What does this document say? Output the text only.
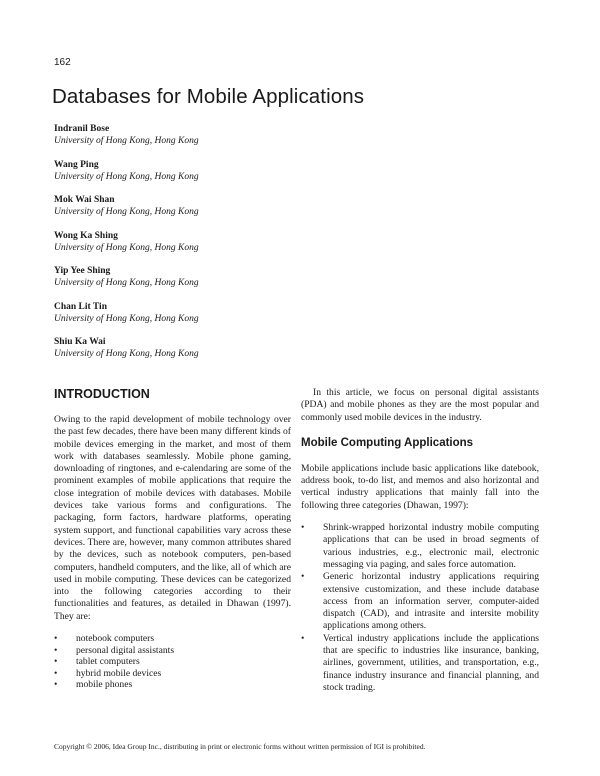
162
Databases for Mobile Applications
Indranil Bose
University of Hong Kong, Hong Kong
Wang Ping
University of Hong Kong, Hong Kong
Mok Wai Shan
University of Hong Kong, Hong Kong
Wong Ka Shing
University of Hong Kong, Hong Kong
Yip Yee Shing
University of Hong Kong, Hong Kong
Chan Lit Tin
University of Hong Kong, Hong Kong
Shiu Ka Wai
University of Hong Kong, Hong Kong
INTRODUCTION

Owing to the rapid development of mobile technology over the past few decades, there have been many different kinds of mobile devices emerging in the market, and most of them work with databases seamlessly. Mobile phone gaming, downloading of ringtones, and e-calendaring are some of the prominent examples of mobile applications that require the close integration of mobile devices with databases. Mobile devices take various forms and configurations. The packaging, form factors, hardware platforms, operating system support, and functional capabilities vary across these devices. There are, however, many common attributes shared by the devices, such as notebook computers, pen-based computers, handheld computers, and the like, all of which are used in mobile computing. These devices can be categorized into the following categories according to their functionalities and features, as detailed in Dhawan (1997). They are:

• notebook computers
• personal digital assistants
• tablet computers
• hybrid mobile devices
• mobile phones

In this article, we focus on personal digital assistants (PDA) and mobile phones as they are the most popular and commonly used mobile devices in the industry.

Mobile Computing Applications

Mobile applications include basic applications like datebook, address book, to-do list, and memos and also horizontal and vertical industry applications that mainly fall into the following three categories (Dhawan, 1997):

• Shrink-wrapped horizontal industry mobile computing applications that can be used in broad segments of various industries, e.g., electronic mail, electronic messaging via paging, and sales force automation.
• Generic horizontal industry applications requiring extensive customization, and these include database access from an information server, computer-aided dispatch (CAD), and intrasite and intersite mobility applications among others.
• Vertical industry applications include the applications that are specific to industries like insurance, banking, airlines, government, utilities, and transportation, e.g., finance industry insurance and financial planning, and stock trading.
Copyright © 2006, Idea Group Inc., distributing in print or electronic forms without written permission of IGI is prohibited.
